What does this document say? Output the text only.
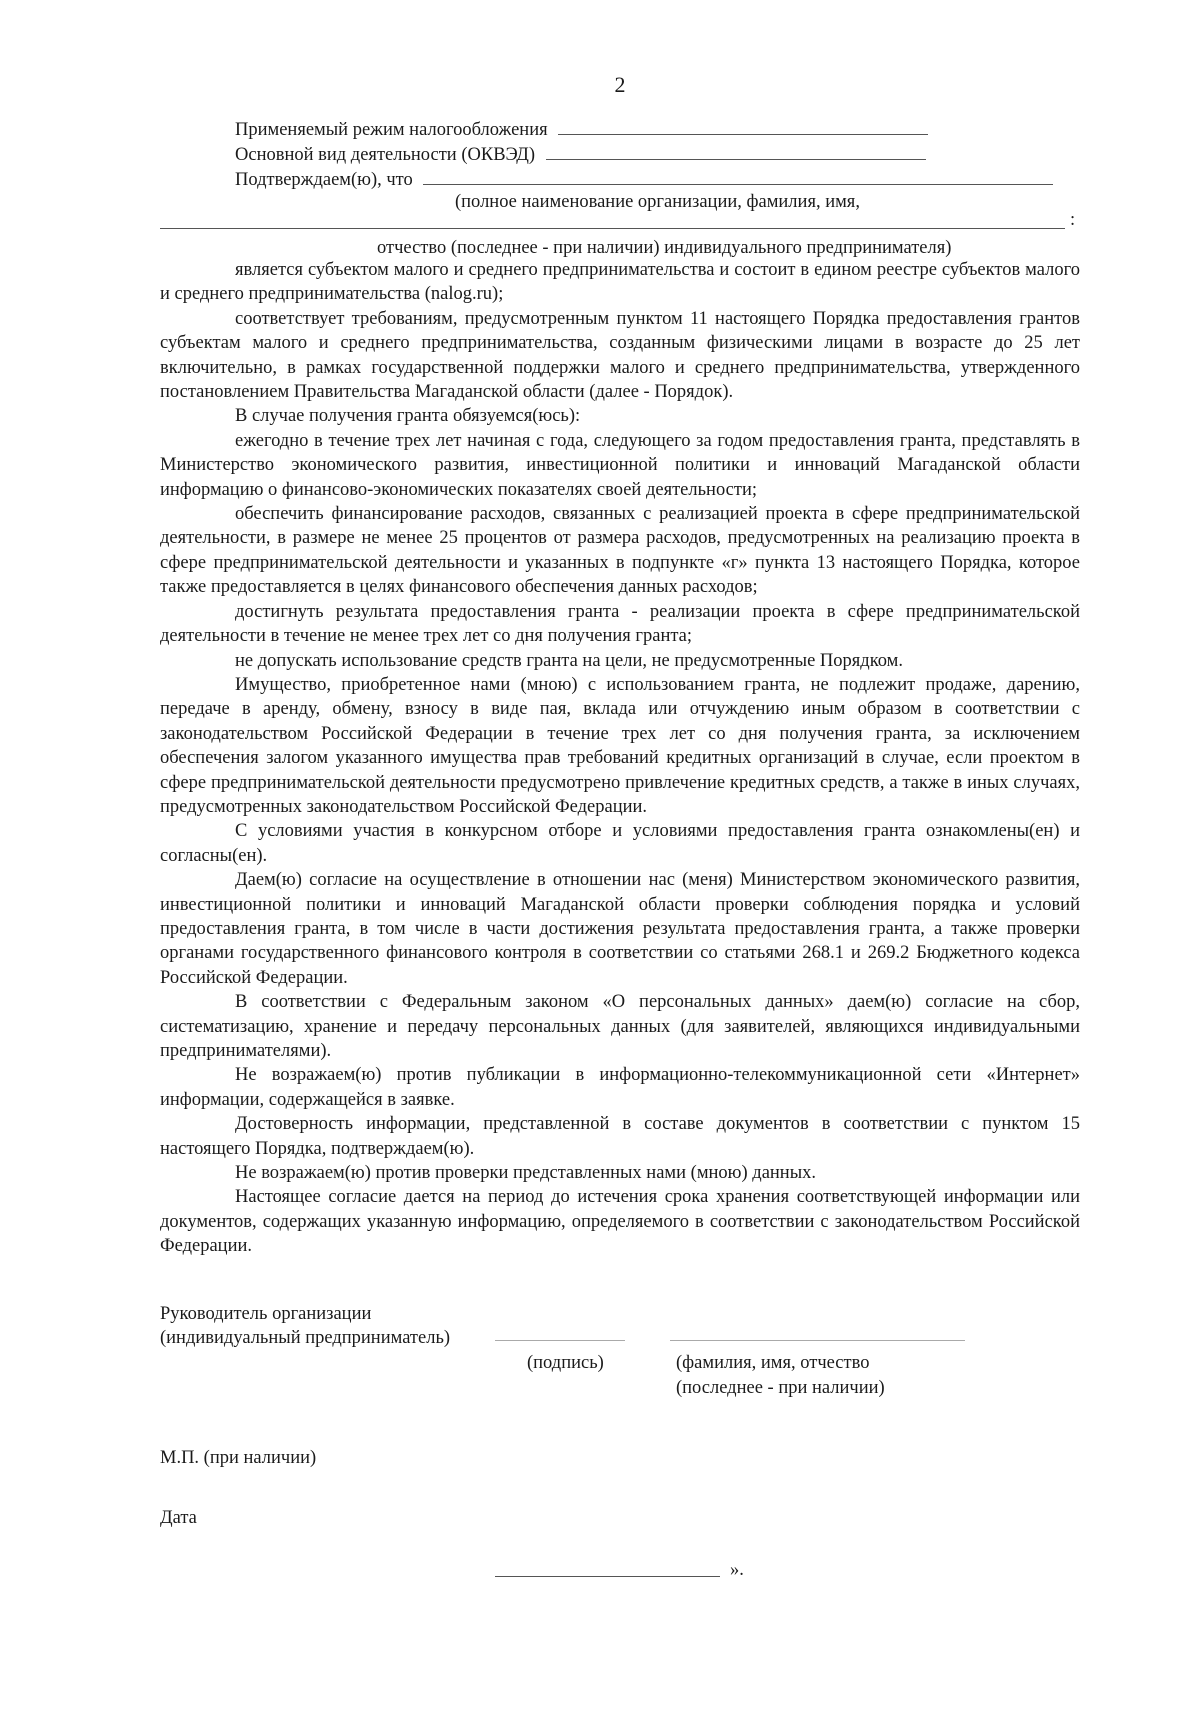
2
Применяемый режим налогообложения
Основной вид деятельности (ОКВЭД)
Подтверждаем(ю), что
(полное наименование организации, фамилия, имя,
:
отчество (последнее - при наличии) индивидуального предпринимателя)

является субъектом малого и среднего предпринимательства и состоит в едином реестре субъектов малого и среднего предпринимательства (nalog.ru);

соответствует требованиям, предусмотренным пунктом 11 настоящего Порядка предоставления грантов субъектам малого и среднего предпринимательства, созданным физическими лицами в возрасте до 25 лет включительно, в рамках государственной поддержки малого и среднего предпринимательства, утвержденного постановлением Правительства Магаданской области (далее - Порядок).

В случае получения гранта обязуемся(юсь):

ежегодно в течение трех лет начиная с года, следующего за годом предоставления гранта, представлять в Министерство экономического развития, инвестиционной политики и инноваций Магаданской области информацию о финансово-экономических показателях своей деятельности;

обеспечить финансирование расходов, связанных с реализацией проекта в сфере предпринимательской деятельности, в размере не менее 25 процентов от размера расходов, предусмотренных на реализацию проекта в сфере предпринимательской деятельности и указанных в подпункте «г» пункта 13 настоящего Порядка, которое также предоставляется в целях финансового обеспечения данных расходов;

достигнуть результата предоставления гранта - реализации проекта в сфере предпринимательской деятельности в течение не менее трех лет со дня получения гранта;

не допускать использование средств гранта на цели, не предусмотренные Порядком.

Имущество, приобретенное нами (мною) с использованием гранта, не подлежит продаже, дарению, передаче в аренду, обмену, взносу в виде пая, вклада или отчуждению иным образом в соответствии с законодательством Российской Федерации в течение трех лет со дня получения гранта, за исключением обеспечения залогом указанного имущества прав требований кредитных организаций в случае, если проектом в сфере предпринимательской деятельности предусмотрено привлечение кредитных средств, а также в иных случаях, предусмотренных законодательством Российской Федерации.

С условиями участия в конкурсном отборе и условиями предоставления гранта ознакомлены(ен) и согласны(ен).

Даем(ю) согласие на осуществление в отношении нас (меня) Министерством экономического развития, инвестиционной политики и инноваций Магаданской области проверки соблюдения порядка и условий предоставления гранта, в том числе в части достижения результата предоставления гранта, а также проверки органами государственного финансового контроля в соответствии со статьями 268.1 и 269.2 Бюджетного кодекса Российской Федерации.

В соответствии с Федеральным законом «О персональных данных» даем(ю) согласие на сбор, систематизацию, хранение и передачу персональных данных (для заявителей, являющихся индивидуальными предпринимателями).

Не возражаем(ю) против публикации в информационно-телекоммуникационной сети «Интернет» информации, содержащейся в заявке.

Достоверность информации, представленной в составе документов в соответствии с пунктом 15 настоящего Порядка, подтверждаем(ю).

Не возражаем(ю) против проверки представленных нами (мною) данных.

Настоящее согласие дается на период до истечения срока хранения соответствующей информации или документов, содержащих указанную информацию, определяемого в соответствии с законодательством Российской Федерации.

Руководитель организации
(индивидуальный предприниматель)
(подпись)	(фамилия, имя, отчество
(последнее - при наличии)
М.П. (при наличии)
Дата
».
